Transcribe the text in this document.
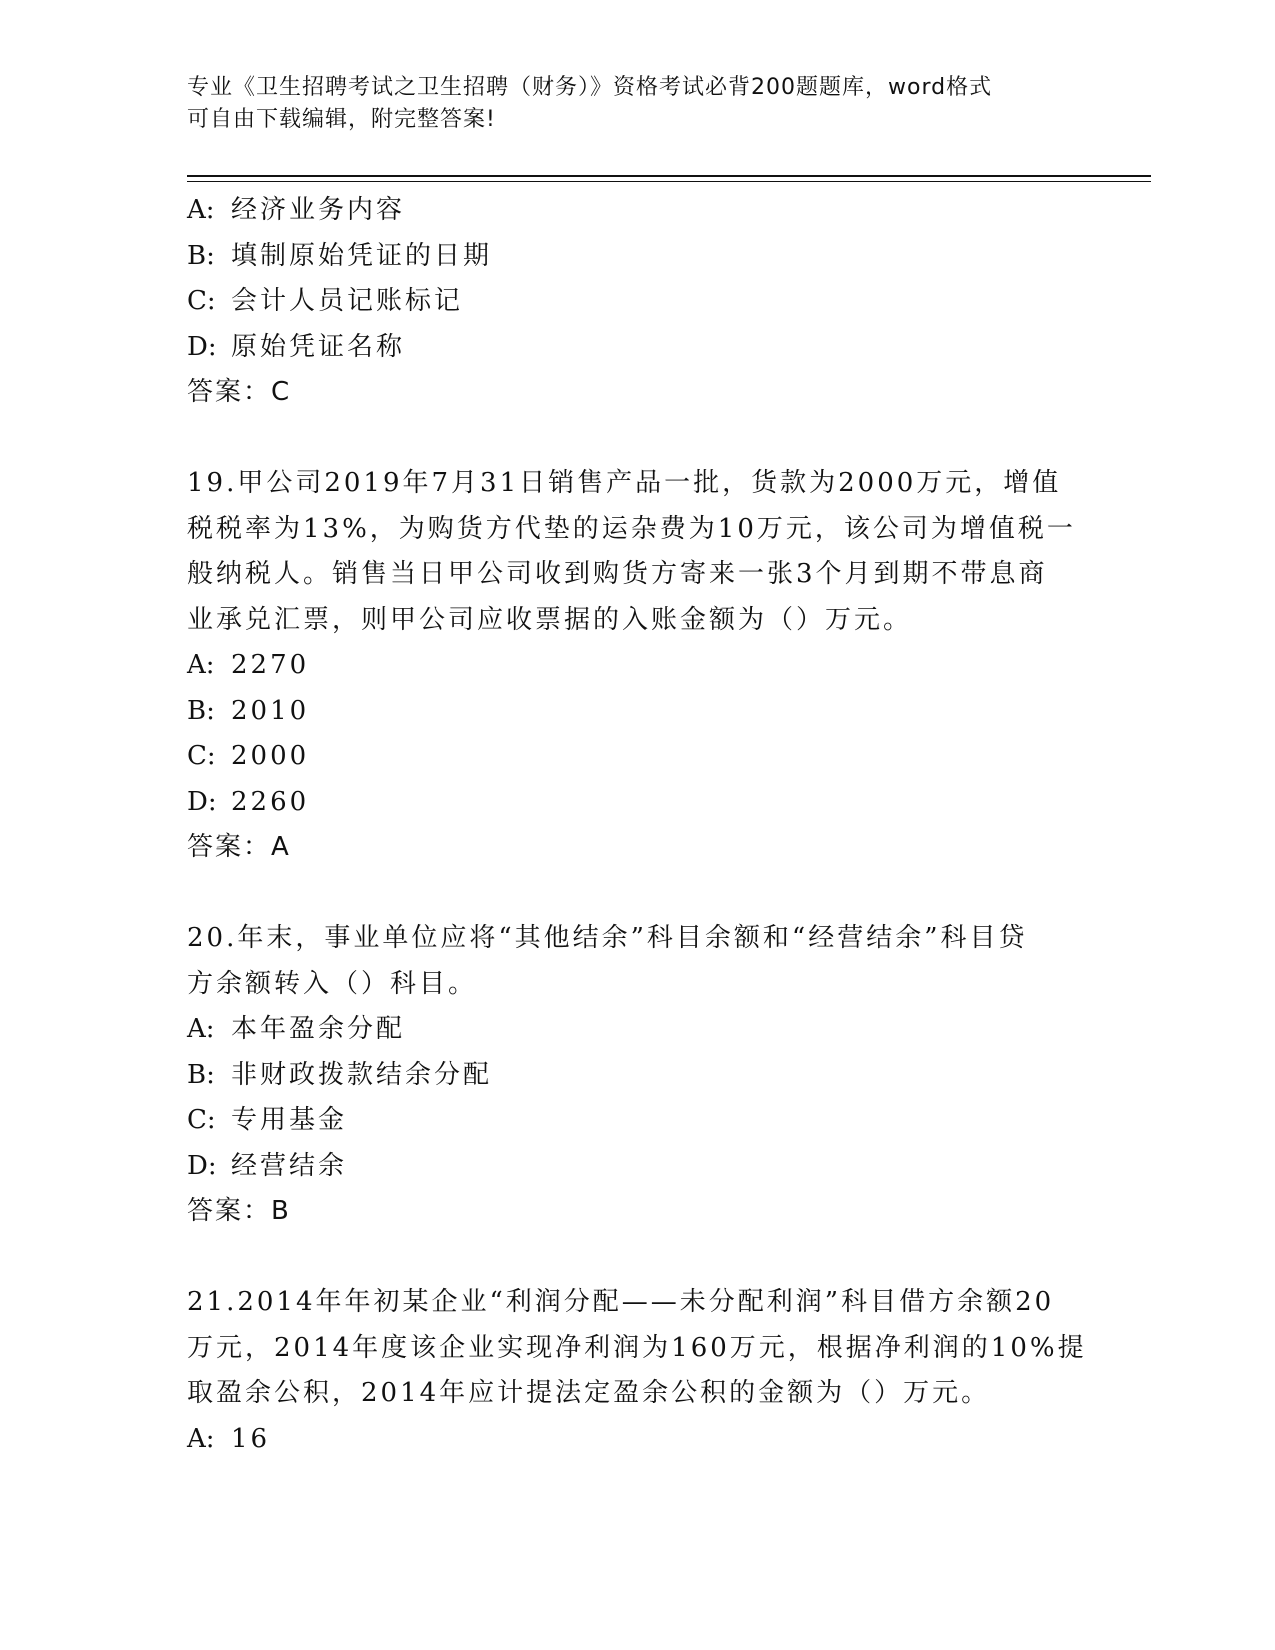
专业《卫生招聘考试之卫生招聘（财务）》资格考试必背200题题库，word格式
可自由下载编辑，附完整答案!
A: 经济业务内容
B: 填制原始凭证的日期
C: 会计人员记账标记
D: 原始凭证名称
答案：C
19.甲公司2019年7月31日销售产品一批，货款为2000万元，增值
税税率为13%，为购货方代垫的运杂费为10万元，该公司为增值税一
般纳税人。销售当日甲公司收到购货方寄来一张3个月到期不带息商
业承兑汇票，则甲公司应收票据的入账金额为（）万元。
A: 2270
B: 2010
C: 2000
D: 2260
答案：A
20.年末，事业单位应将“其他结余”科目余额和“经营结余”科目贷
方余额转入（）科目。
A: 本年盈余分配
B: 非财政拨款结余分配
C: 专用基金
D: 经营结余
答案：B
21.2014年年初某企业“利润分配——未分配利润”科目借方余额20
万元，2014年度该企业实现净利润为160万元，根据净利润的10%提
取盈余公积，2014年应计提法定盈余公积的金额为（）万元。
A: 16
